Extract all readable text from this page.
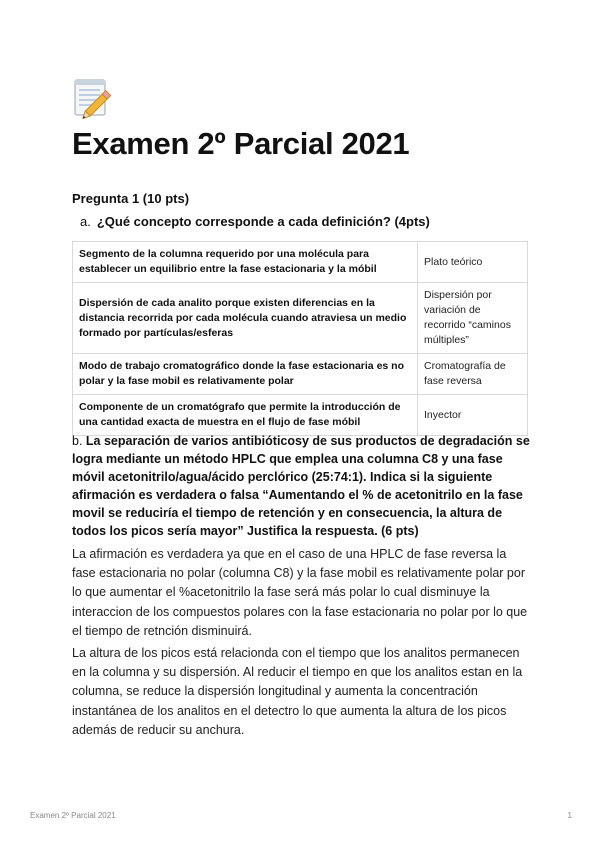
Examen 2º Parcial 2021
Pregunta 1 (10 pts)
a. ¿Qué concepto corresponde a cada definición? (4pts)
Segmento de la columna requerido por una molécula para establecer un equilibrio entre la fase estacionaria y la móbil	Plato teórico
Dispersión de cada analito porque existen diferencias en la distancia recorrida por cada molécula cuando atraviesa un medio formado por partículas/esferas	Dispersión por variación de recorrido “caminos múltiples”
Modo de trabajo cromatográfico donde la fase estacionaria es no polar y la fase mobil es relativamente polar	Cromatografía de fase reversa
Componente de un cromatógrafo que permite la introducción de una cantidad exacta de muestra en el flujo de fase móbil	Inyector

b. La separación de varios antibióticosy de sus productos de degradación se logra mediante un método HPLC que emplea una columna C8 y una fase móvil acetonitrilo/agua/ácido perclórico (25:74:1). Indica si la siguiente afirmación es verdadera o falsa “Aumentando el % de acetonitrilo en la fase movil se reduciría el tiempo de retención y en consecuencia, la altura de todos los picos sería mayor” Justifica la respuesta. (6 pts)

La afirmación es verdadera ya que en el caso de una HPLC de fase reversa la fase estacionaria no polar (columna C8) y la fase mobil es relativamente polar por lo que aumentar el %acetonitrilo la fase será más polar lo cual disminuye la interaccion de los compuestos polares con la fase estacionaria no polar por lo que el tiempo de retnción disminuirá.

La altura de los picos está relacionda con el tiempo que los analitos permanecen en la columna y su dispersión. Al reducir el tiempo en que los analitos estan en la columna, se reduce la dispersión longitudinal y aumenta la concentración instantánea de los analitos en el detectro lo que aumenta la altura de los picos además de reducir su anchura.

Examen 2º Parcial 2021	1
